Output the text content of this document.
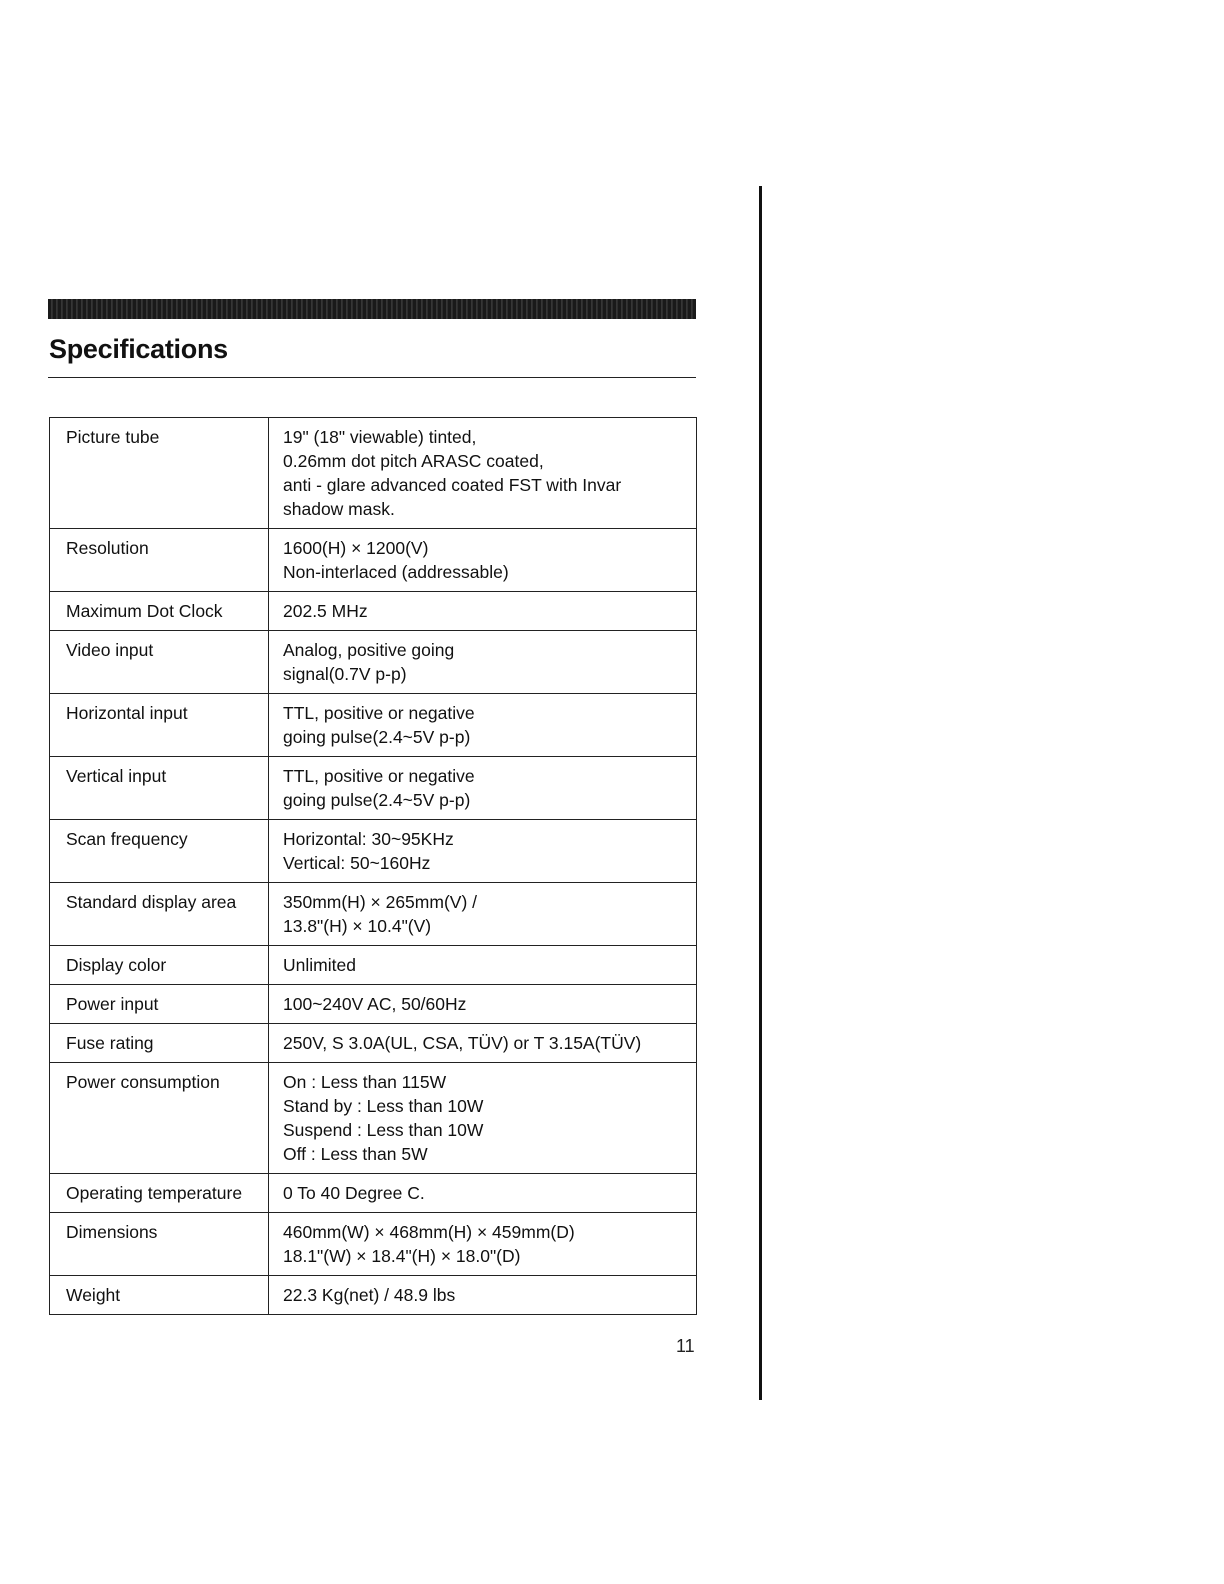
Specifications
Picture tube	19" (18" viewable) tinted,
0.26mm dot pitch ARASC coated,
anti - glare advanced coated FST with Invar
shadow mask.

Resolution	1600(H) × 1200(V)
Non-interlaced (addressable)

Maximum Dot Clock	202.5 MHz

Video input	Analog, positive going
signal(0.7V p-p)

Horizontal input	TTL, positive or negative
going pulse(2.4~5V p-p)

Vertical input	TTL, positive or negative
going pulse(2.4~5V p-p)

Scan frequency	Horizontal: 30~95KHz
Vertical: 50~160Hz

Standard display area	350mm(H) × 265mm(V) /
13.8"(H) × 10.4"(V)

Display color	Unlimited

Power input	100~240V AC, 50/60Hz

Fuse rating	250V, S 3.0A(UL, CSA, TÜV) or T 3.15A(TÜV)

Power consumption	On : Less than 115W
Stand by : Less than 10W
Suspend : Less than 10W
Off : Less than 5W

Operating temperature	0 To 40 Degree C.

Dimensions	460mm(W) × 468mm(H) × 459mm(D)
18.1"(W) × 18.4"(H) × 18.0"(D)

Weight	22.3 Kg(net) / 48.9 lbs
11
